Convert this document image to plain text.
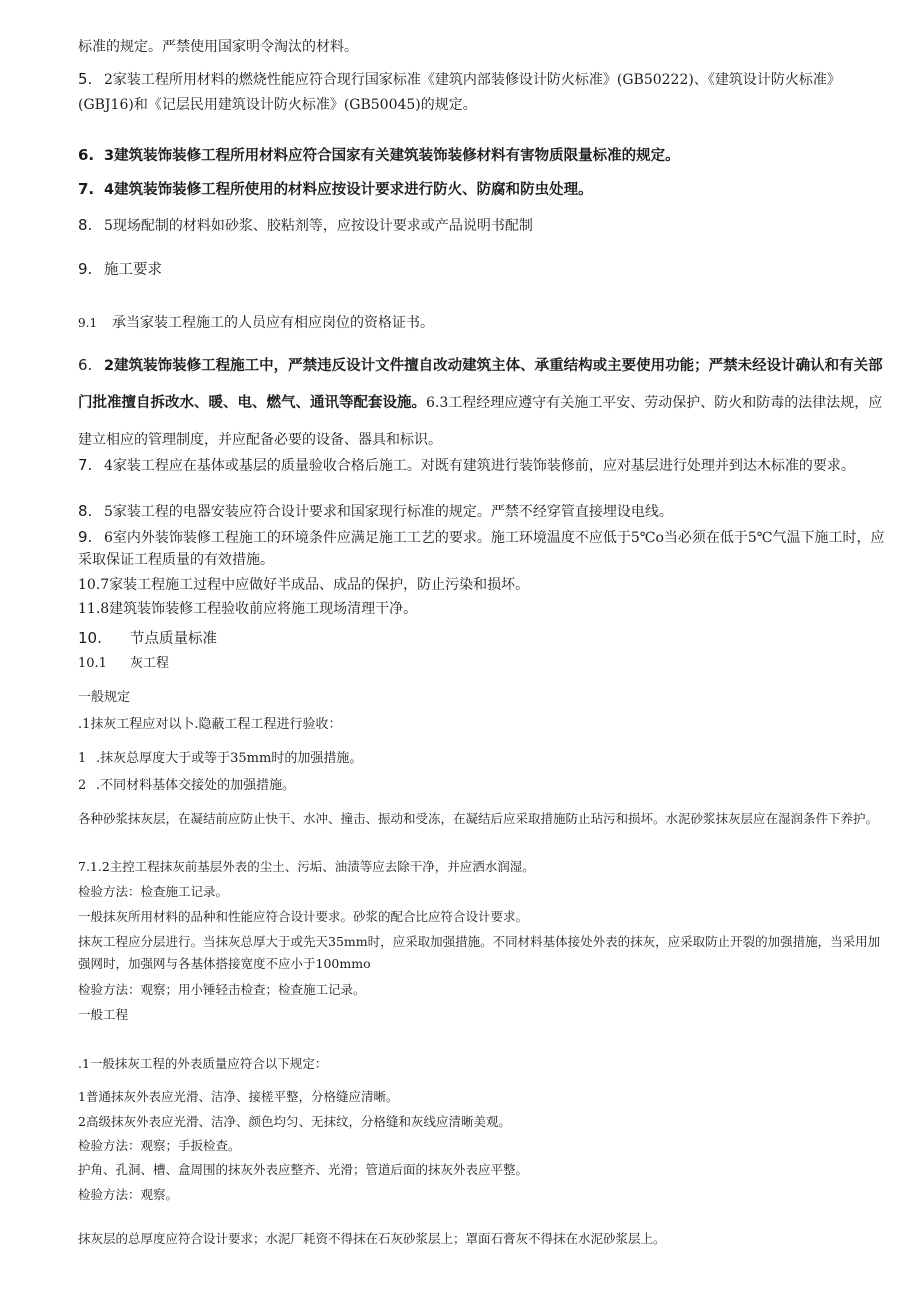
标准的规定。严禁使用国家明令淘汰的材料。
5. 2家装工程所用材料的燃烧性能应符合现行国家标准《建筑内部装修设计防火标准》(GB50222)、《建筑设计防火标准》(GBJ16)和《记层民用建筑设计防火标准》(GB50045)的规定。
6. 3建筑装饰装修工程所用材料应符合国家有关建筑装饰装修材料有害物质限量标准的规定。
7. 4建筑装饰装修工程所使用的材料应按设计要求进行防火、防腐和防虫处理。
8. 5现场配制的材料如砂浆、胶粘剂等，应按设计要求或产品说明书配制
9. 施工要求
9.1 承当家装工程施工的人员应有相应岗位的资格证书。
6. 2建筑装饰装修工程施工中，严禁违反设计文件擅自改动建筑主体、承重结构或主要使用功能；严禁未经设计确认和有关部门批准擅自拆改水、暖、电、燃气、通讯等配套设施。6.3工程经理应遵守有关施工平安、劳动保护、防火和防毒的法律法规，应建立相应的管理制度，并应配备必要的设备、器具和标识。
7. 4家装工程应在基体或基层的质量验收合格后施工。对既有建筑进行装饰装修前，应对基层进行处理并到达木标准的要求。
8. 5家装工程的电器安装应符合设计要求和国家现行标准的规定。严禁不经穿管直接埋设电线。
9. 6室内外装饰装修工程施工的环境条件应满足施工工艺的要求。施工环境温度不应低于5℃o当必须在低于5℃气温下施工时，应采取保证工程质量的有效措施。
10.7家装工程施工过程中应做好半成品、成品的保护，防止污染和损坏。
11.8建筑装饰装修工程验收前应将施工现场清理干净。
10. 节点质量标准
10.1 灰工程
一般规定
.1抹灰工程应对以卜.隐蔽工程工程进行验收：
1 .抹灰总厚度大于或等于35mm时的加强措施。
2 .不同材料基体交接处的加强措施。
各种砂浆抹灰层，在凝结前应防止快干、水冲、撞击、振动和受冻，在凝结后应采取措施防止玷污和损坏。水泥砂浆抹灰层应在湿润条件下养护。
7.1.2主控工程抹灰前基层外表的尘土、污垢、油渍等应去除干净，并应洒水润湿。
检验方法：检查施工记录。
一般抹灰所用材料的品种和性能应符合设计要求。砂浆的配合比应符合设计要求。
抹灰工程应分层进行。当抹灰总厚大于或先天35mm时，应采取加强措施。不同材料基体接处外表的抹灰，应采取防止开裂的加强措施，当采用加强网时，加强网与各基体搭接宽度不应小于100mmo
检验方法：观察；用小锤轻击检查；检查施工记录。
一般工程
.1一般抹灰工程的外表质量应符合以下规定：
1普通抹灰外表应光滑、洁净、接槎平整，分格缝应清晰。
2高级抹灰外表应光滑、洁净、颜色均匀、无抹纹，分格缝和灰线应清晰美观。
检验方法：观察；手扳检查。
护角、孔洞、槽、盒周围的抹灰外表应整齐、光滑；管道后面的抹灰外表应平整。
检验方法：观察。
抹灰层的总厚度应符合设计要求；水泥厂耗资不得抹在石灰砂浆层上；罩面石膏灰不得抹在水泥砂浆层上。
